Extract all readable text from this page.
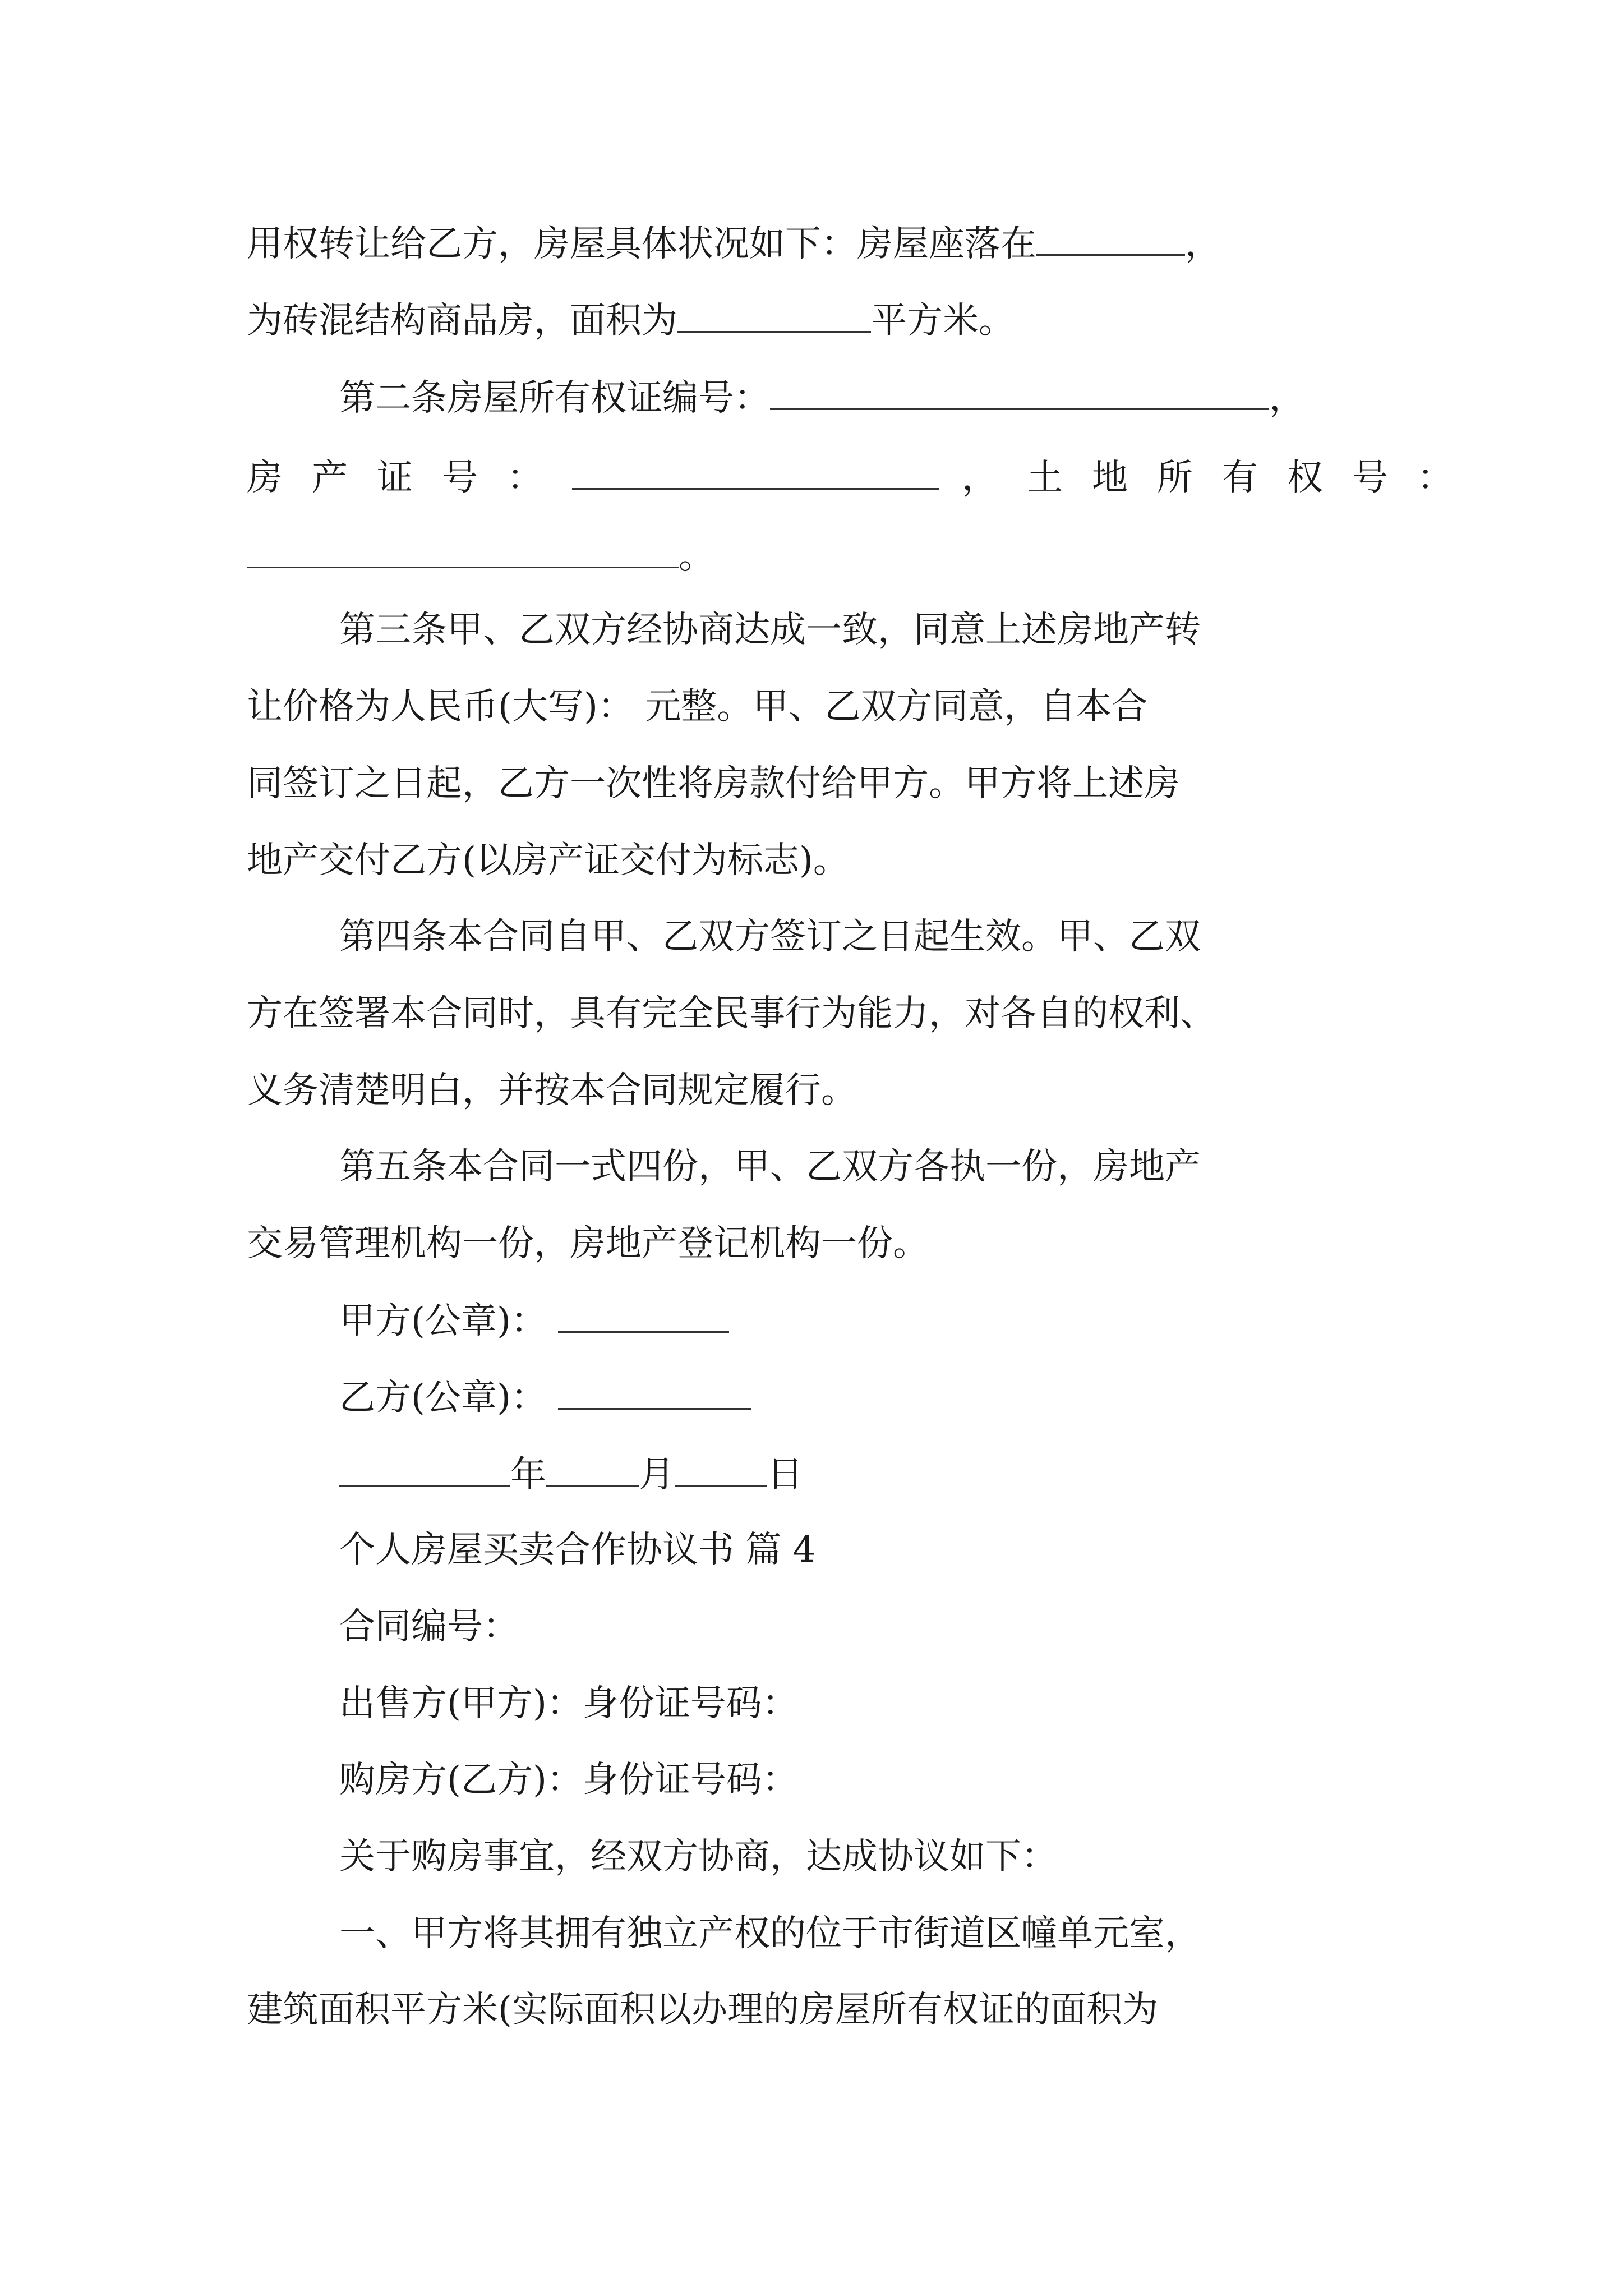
用权转让给乙方，房屋具体状况如下：房屋座落在	，
为砖混结构商品房，面积为	平方米。
第二条房屋所有权证编号：	，
房产证号：	，土地所有权号：
。
第三条甲、乙双方经协商达成一致，同意上述房地产转
让价格为人民币(大写)： 元整。甲、乙双方同意，自本合
同签订之日起，乙方一次性将房款付给甲方。甲方将上述房
地产交付乙方(以房产证交付为标志)。
第四条本合同自甲、乙双方签订之日起生效。甲、乙双
方在签署本合同时，具有完全民事行为能力，对各自的权利、
义务清楚明白，并按本合同规定履行。
第五条本合同一式四份，甲、乙双方各执一份，房地产
交易管理机构一份，房地产登记机构一份。
甲方(公章)：
乙方(公章)：
年	月	日
个人房屋买卖合作协议书 篇 4
合同编号：
出售方(甲方)：身份证号码：
购房方(乙方)：身份证号码：
关于购房事宜，经双方协商，达成协议如下：
一、甲方将其拥有独立产权的位于市街道区幢单元室，
建筑面积平方米(实际面积以办理的房屋所有权证的面积为
